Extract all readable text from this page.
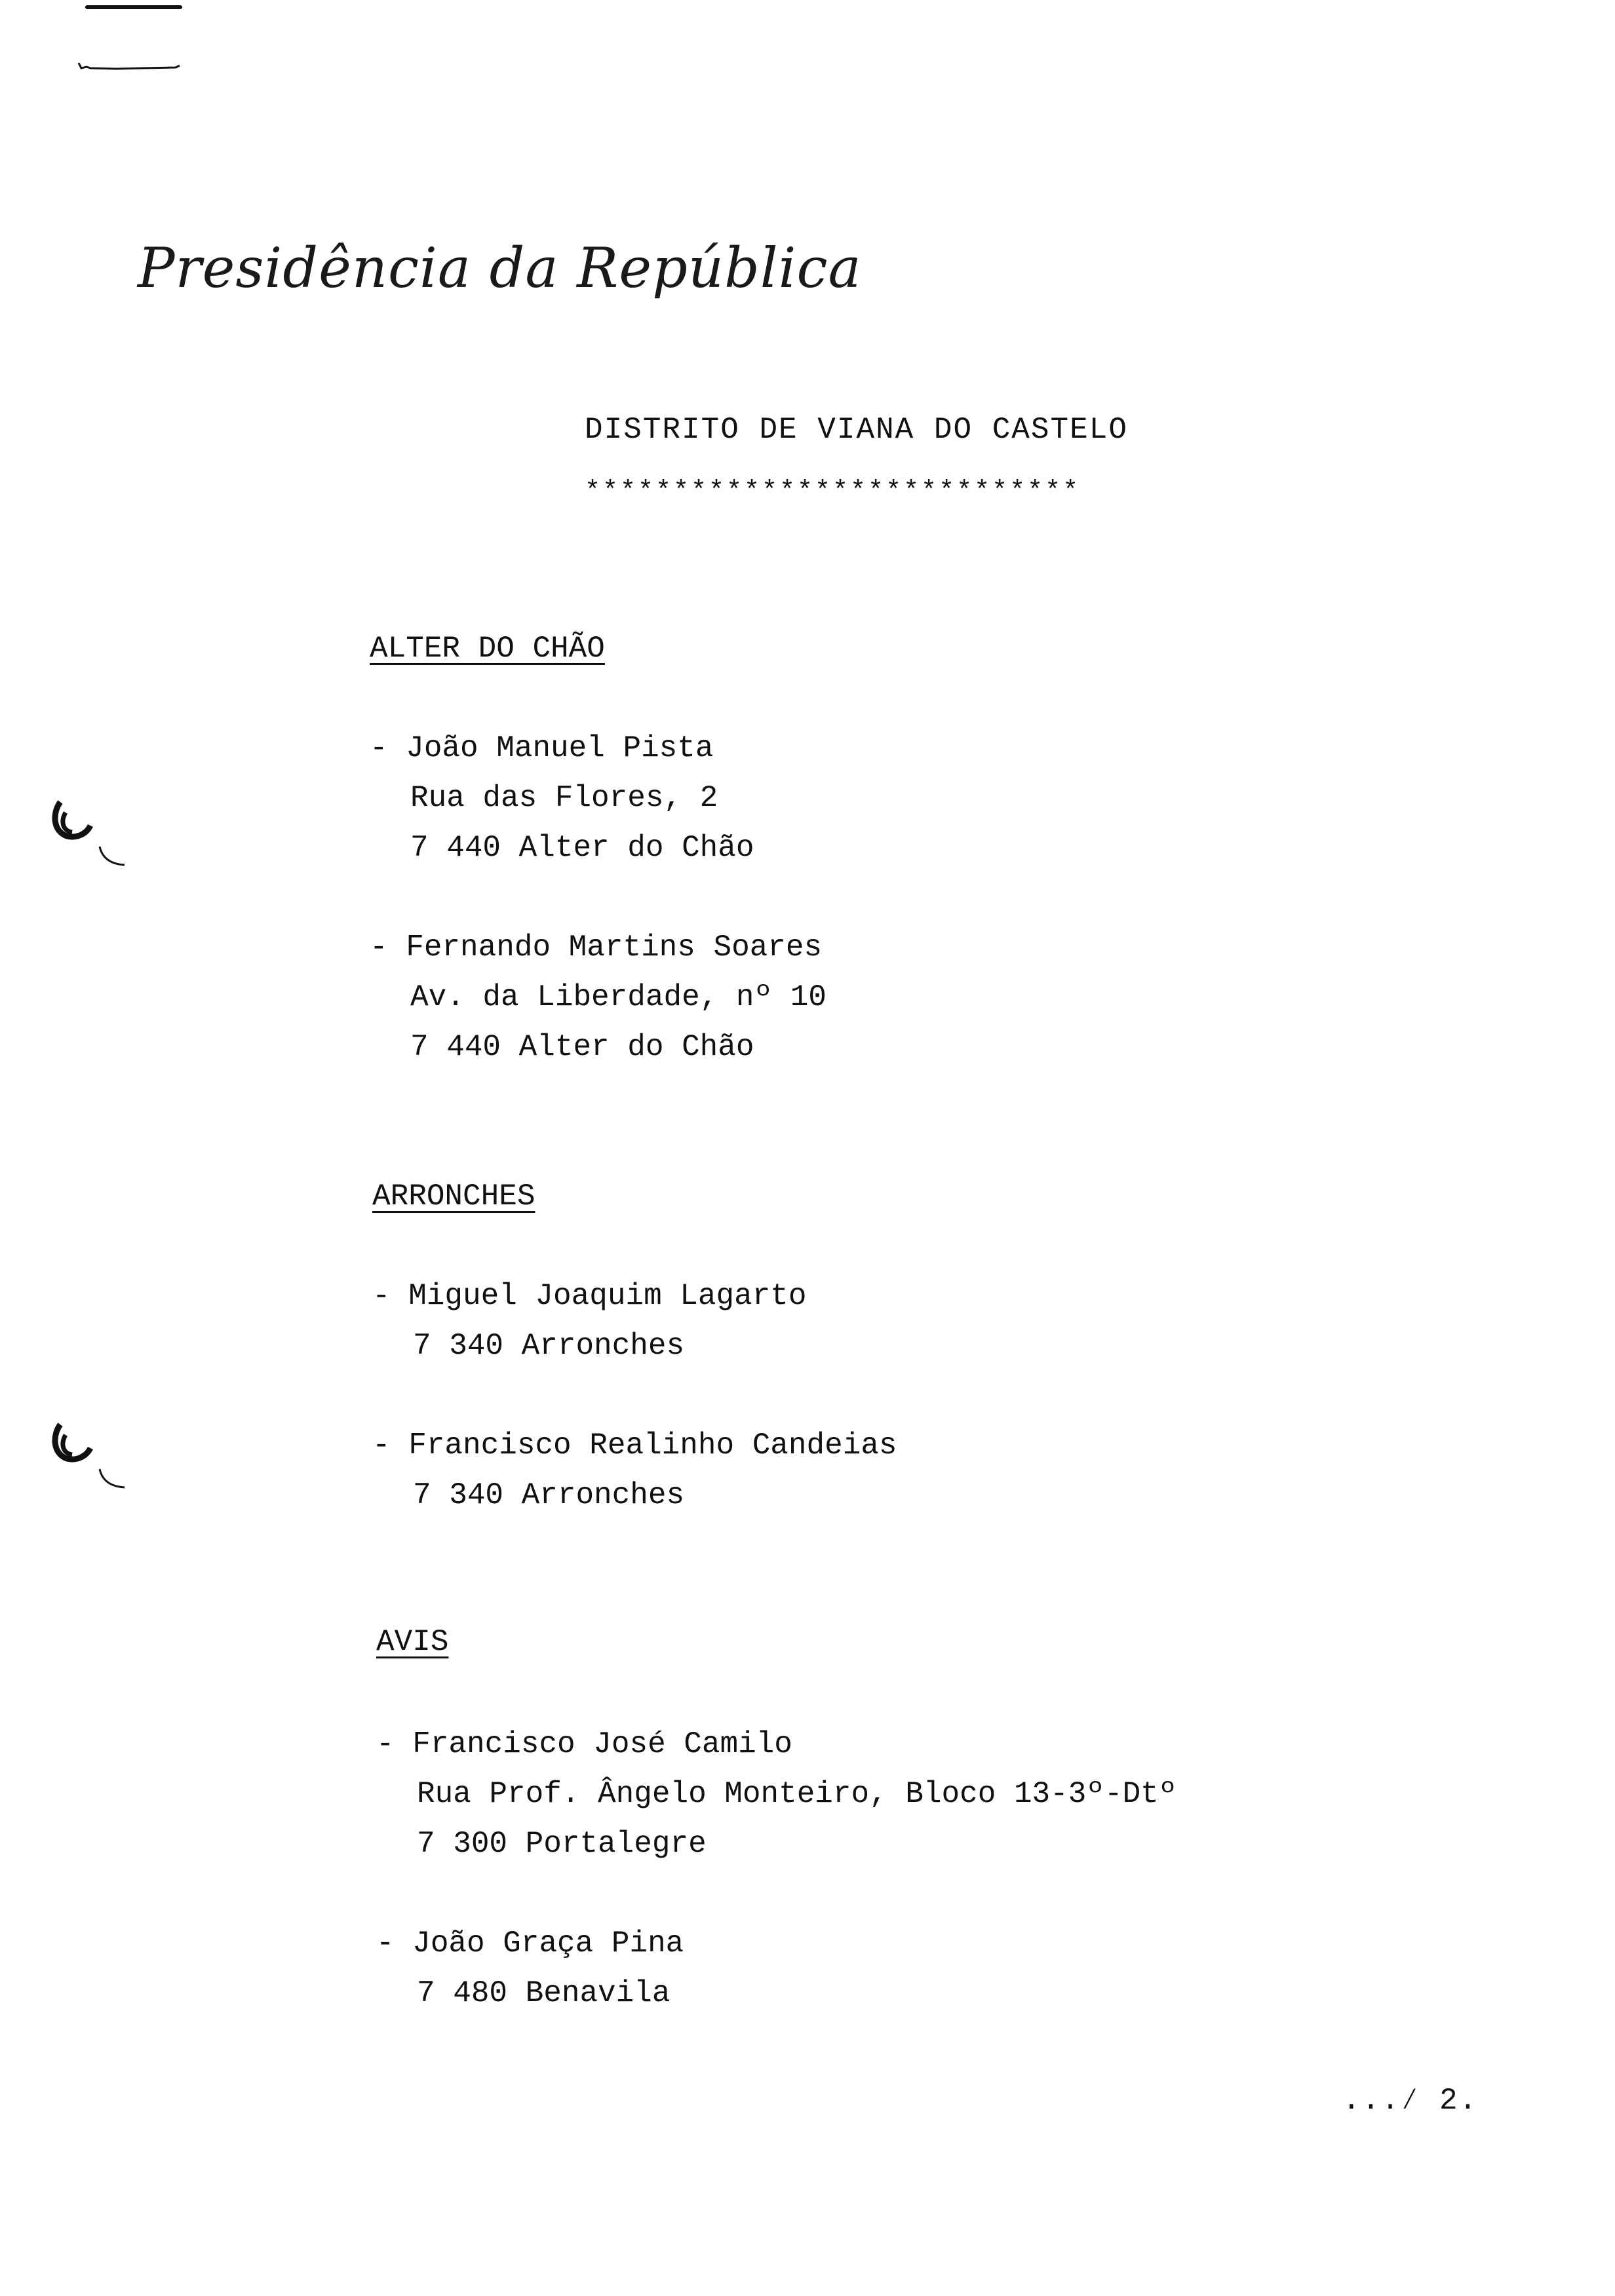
Presidência da República
DISTRITO DE VIANA DO CASTELO
****************************
ALTER DO CHÃO
- João Manuel Pista
Rua das Flores, 2
7 440 Alter do Chão
- Fernando Martins Soares
Av. da Liberdade, nº 10
7 440 Alter do Chão
ARRONCHES
- Miguel Joaquim Lagarto
7 340 Arronches
- Francisco Realinho Candeias
7 340 Arronches
AVIS
- Francisco José Camilo
Rua Prof. Ângelo Monteiro, Bloco 13-3º-Dtº
7 300 Portalegre
- João Graça Pina
7 480 Benavila
...⁄ 2.
